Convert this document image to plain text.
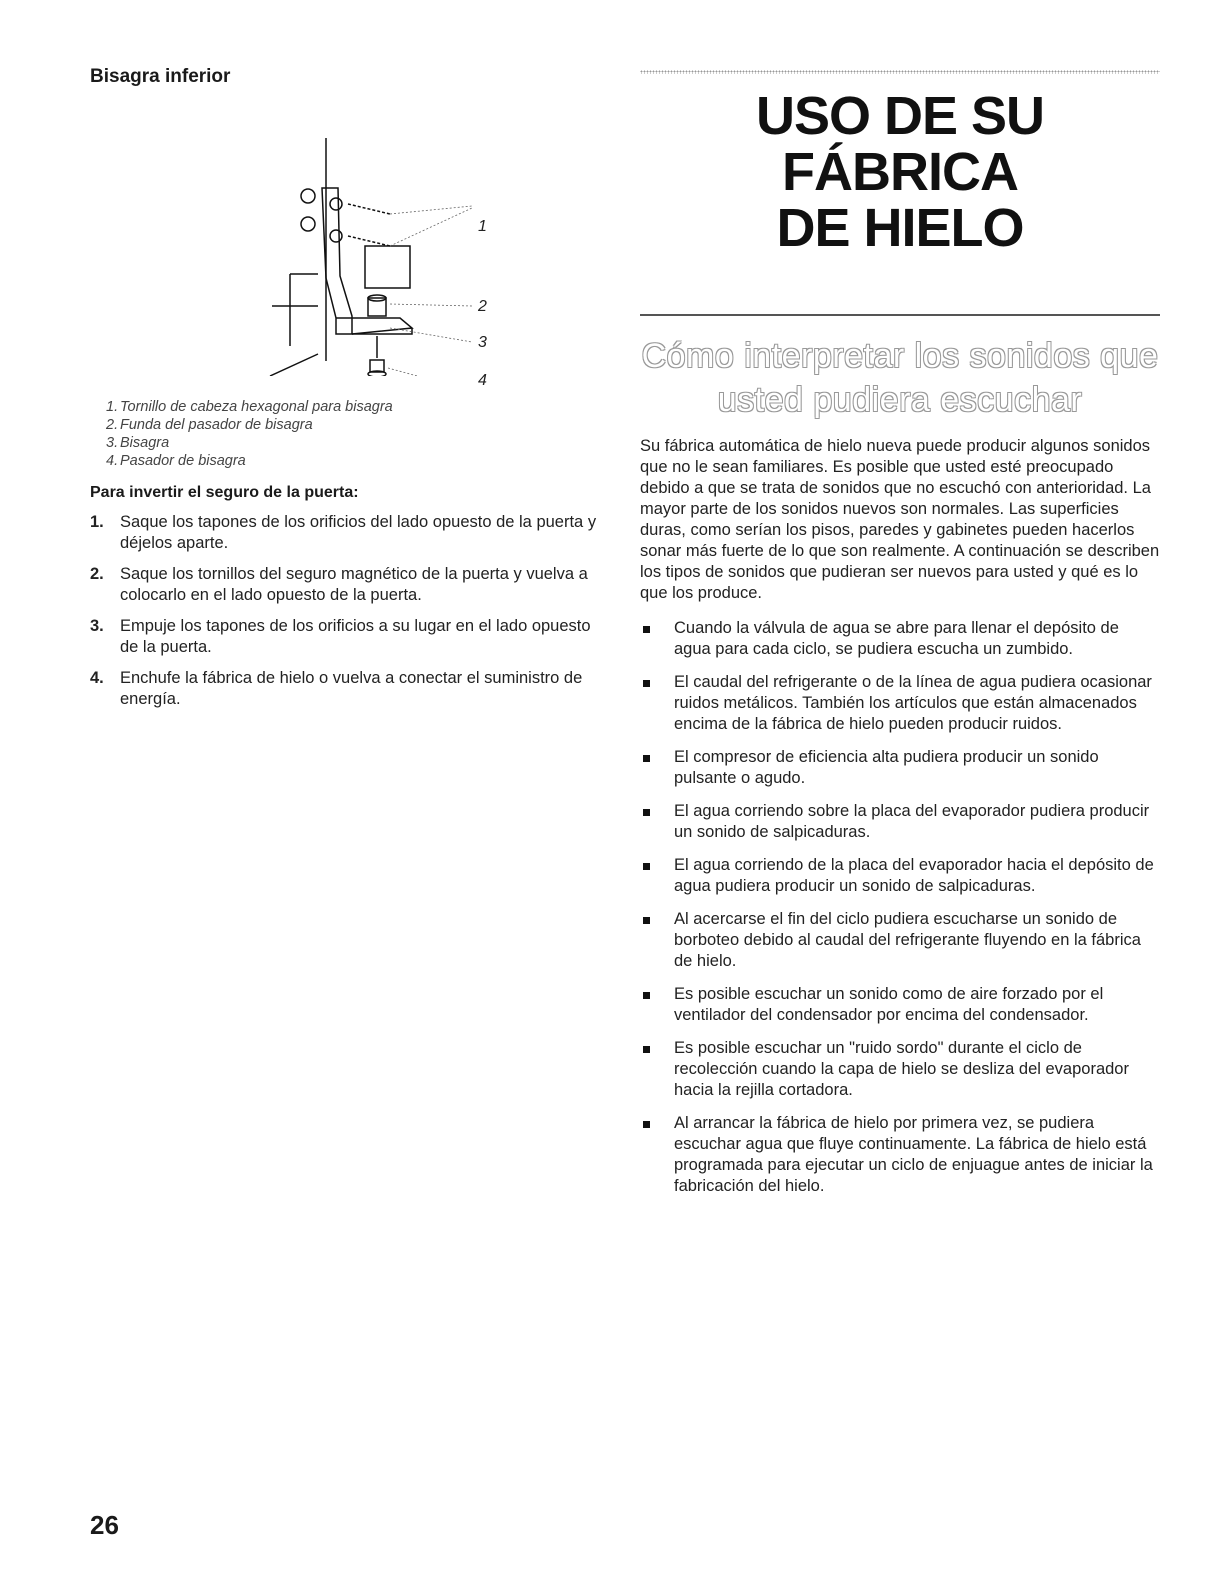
Bisagra inferior
1
2
3
4
1. Tornillo de cabeza hexagonal para bisagra
2. Funda del pasador de bisagra
3. Bisagra
4. Pasador de bisagra
Para invertir el seguro de la puerta:
1. Saque los tapones de los orificios del lado opuesto de la puerta y déjelos aparte.
2. Saque los tornillos del seguro magnético de la puerta y vuelva a colocarlo en el lado opuesto de la puerta.
3. Empuje los tapones de los orificios a su lugar en el lado opuesto de la puerta.
4. Enchufe la fábrica de hielo o vuelva a conectar el suministro de energía.
USO DE SU FÁBRICA
DE HIELO
Cómo interpretar los sonidos que
usted pudiera escuchar

Su fábrica automática de hielo nueva puede producir algunos sonidos que no le sean familiares. Es posible que usted esté preocupado debido a que se trata de sonidos que no escuchó con anterioridad. La mayor parte de los sonidos nuevos son normales. Las superficies duras, como serían los pisos, paredes y gabinetes pueden hacerlos sonar más fuerte de lo que son realmente. A continuación se describen los tipos de sonidos que pudieran ser nuevos para usted y qué es lo que los produce.

Cuando la válvula de agua se abre para llenar el depósito de agua para cada ciclo, se pudiera escucha un zumbido.
El caudal del refrigerante o de la línea de agua pudiera ocasionar ruidos metálicos. También los artículos que están almacenados encima de la fábrica de hielo pueden producir ruidos.
El compresor de eficiencia alta pudiera producir un sonido pulsante o agudo.
El agua corriendo sobre la placa del evaporador pudiera producir un sonido de salpicaduras.
El agua corriendo de la placa del evaporador hacia el depósito de agua pudiera producir un sonido de salpicaduras.
Al acercarse el fin del ciclo pudiera escucharse un sonido de borboteo debido al caudal del refrigerante fluyendo en la fábrica de hielo.
Es posible escuchar un sonido como de aire forzado por el ventilador del condensador por encima del condensador.
Es posible escuchar un "ruido sordo" durante el ciclo de recolección cuando la capa de hielo se desliza del evaporador hacia la rejilla cortadora.
Al arrancar la fábrica de hielo por primera vez, se pudiera escuchar agua que fluye continuamente. La fábrica de hielo está programada para ejecutar un ciclo de enjuague antes de iniciar la fabricación del hielo.
26
